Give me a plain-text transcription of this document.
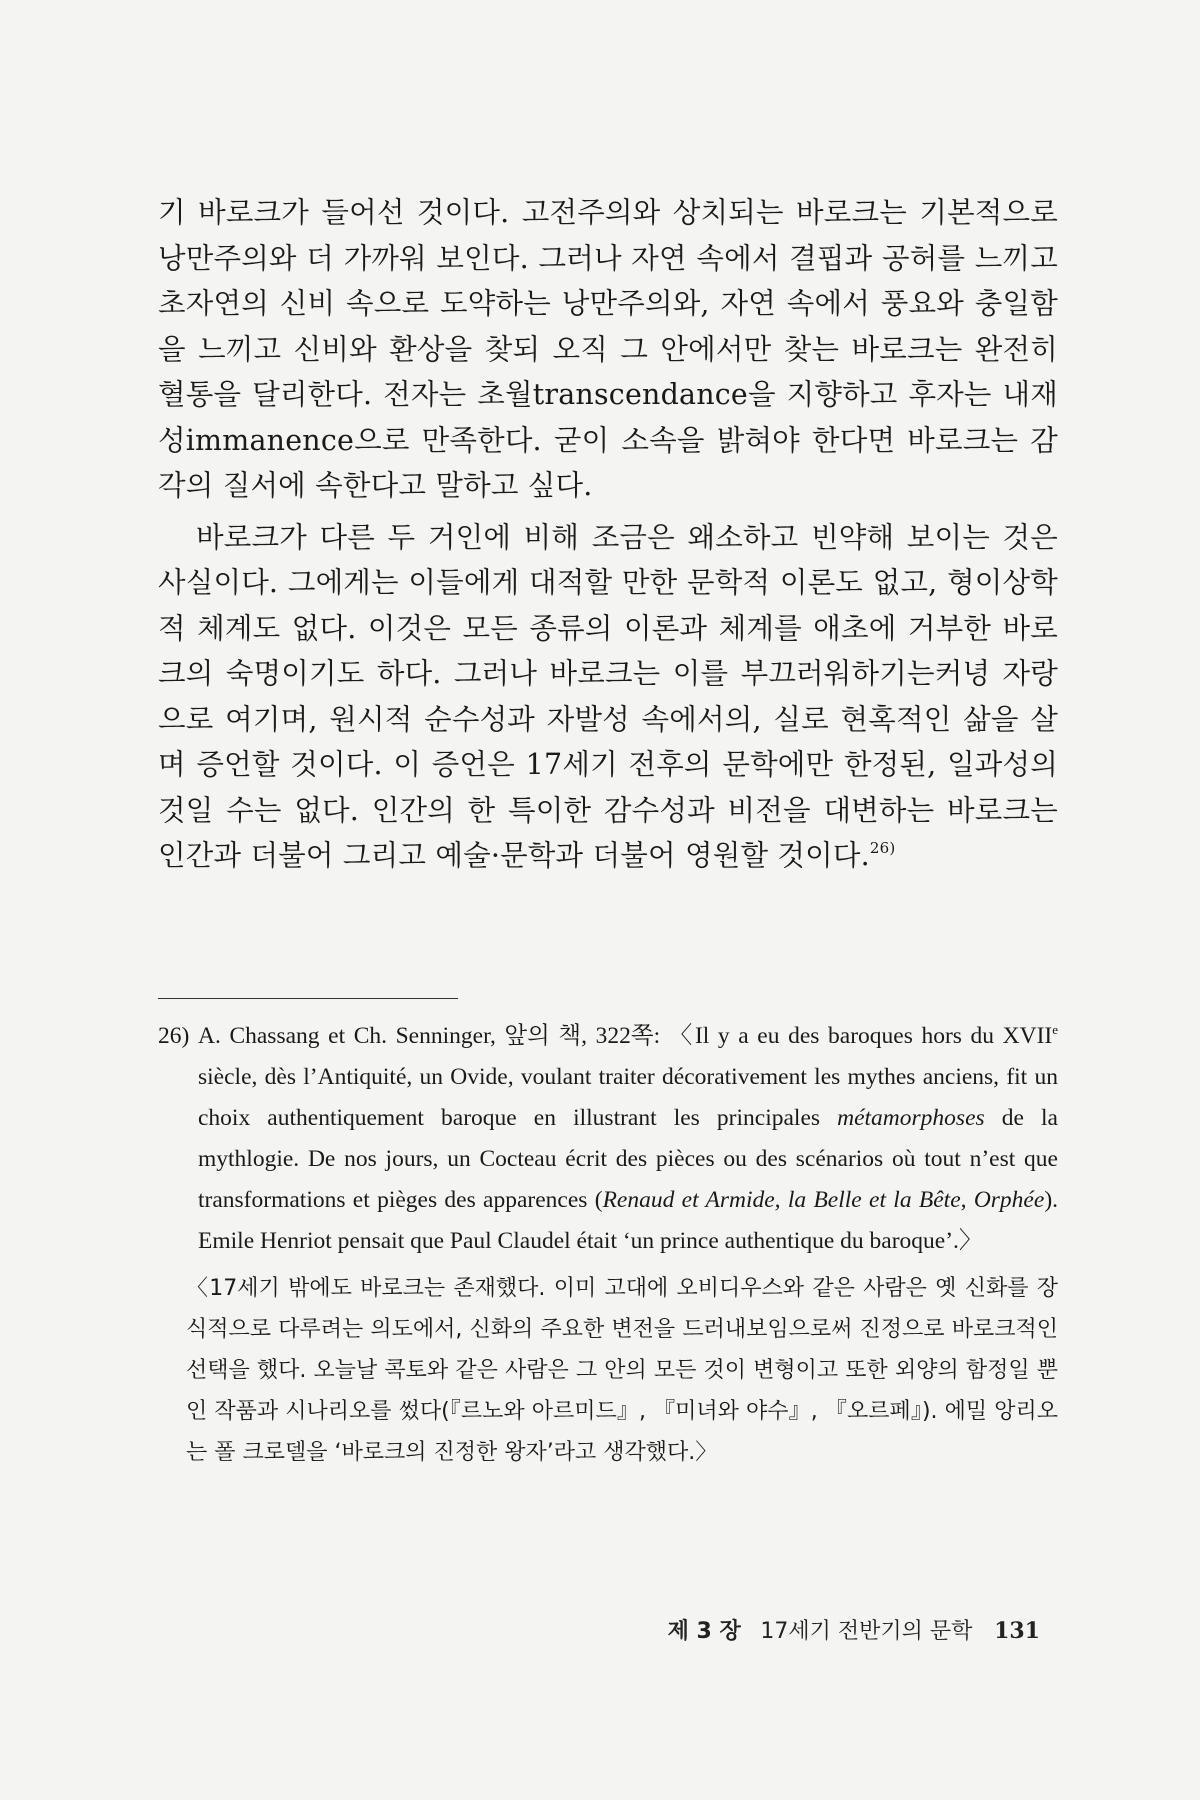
기 바로크가 들어선 것이다. 고전주의와 상치되는 바로크는 기본적으로 낭만주의와 더 가까워 보인다. 그러나 자연 속에서 결핍과 공허를 느끼고 초자연의 신비 속으로 도약하는 낭만주의와, 자연 속에서 풍요와 충일함을 느끼고 신비와 환상을 찾되 오직 그 안에서만 찾는 바로크는 완전히 혈통을 달리한다. 전자는 초월transcendance을 지향하고 후자는 내재성immanence으로 만족한다. 굳이 소속을 밝혀야 한다면 바로크는 감각의 질서에 속한다고 말하고 싶다.

바로크가 다른 두 거인에 비해 조금은 왜소하고 빈약해 보이는 것은 사실이다. 그에게는 이들에게 대적할 만한 문학적 이론도 없고, 형이상학적 체계도 없다. 이것은 모든 종류의 이론과 체계를 애초에 거부한 바로크의 숙명이기도 하다. 그러나 바로크는 이를 부끄러워하기는커녕 자랑으로 여기며, 원시적 순수성과 자발성 속에서의, 실로 현혹적인 삶을 살며 증언할 것이다. 이 증언은 17세기 전후의 문학에만 한정된, 일과성의 것일 수는 없다. 인간의 한 특이한 감수성과 비전을 대변하는 바로크는 인간과 더불어 그리고 예술·문학과 더불어 영원할 것이다.$^{26)}$

26) A. Chassang et Ch. Senninger, 앞의 책, 322쪽: 〈Il y a eu des baroques hors du XVIIe siècle, dès l’Antiquité, un Ovide, voulant traiter décorativement les mythes anciens, fit un choix authentiquement baroque en illustrant les principales métamorphoses de la mythlogie. De nos jours, un Cocteau écrit des pièces ou des scénarios où tout n’est que transformations et pièges des apparences (Renaud et Armide, la Belle et la Bête, Orphée). Emile Henriot pensait que Paul Claudel était ‘un prince authentique du baroque’.〉
〈17세기 밖에도 바로크는 존재했다. 이미 고대에 오비디우스와 같은 사람은 옛 신화를 장식적으로 다루려는 의도에서, 신화의 주요한 변전을 드러내보임으로써 진정으로 바로크적인 선택을 했다. 오늘날 콕토와 같은 사람은 그 안의 모든 것이 변형이고 또한 외양의 함정일 뿐인 작품과 시나리오를 썼다(『르노와 아르미드』, 『미녀와 야수』, 『오르페』). 에밀 앙리오는 폴 크로델을 ‘바로크의 진정한 왕자’라고 생각했다.〉
제 3 장 17세기 전반기의 문학 131
